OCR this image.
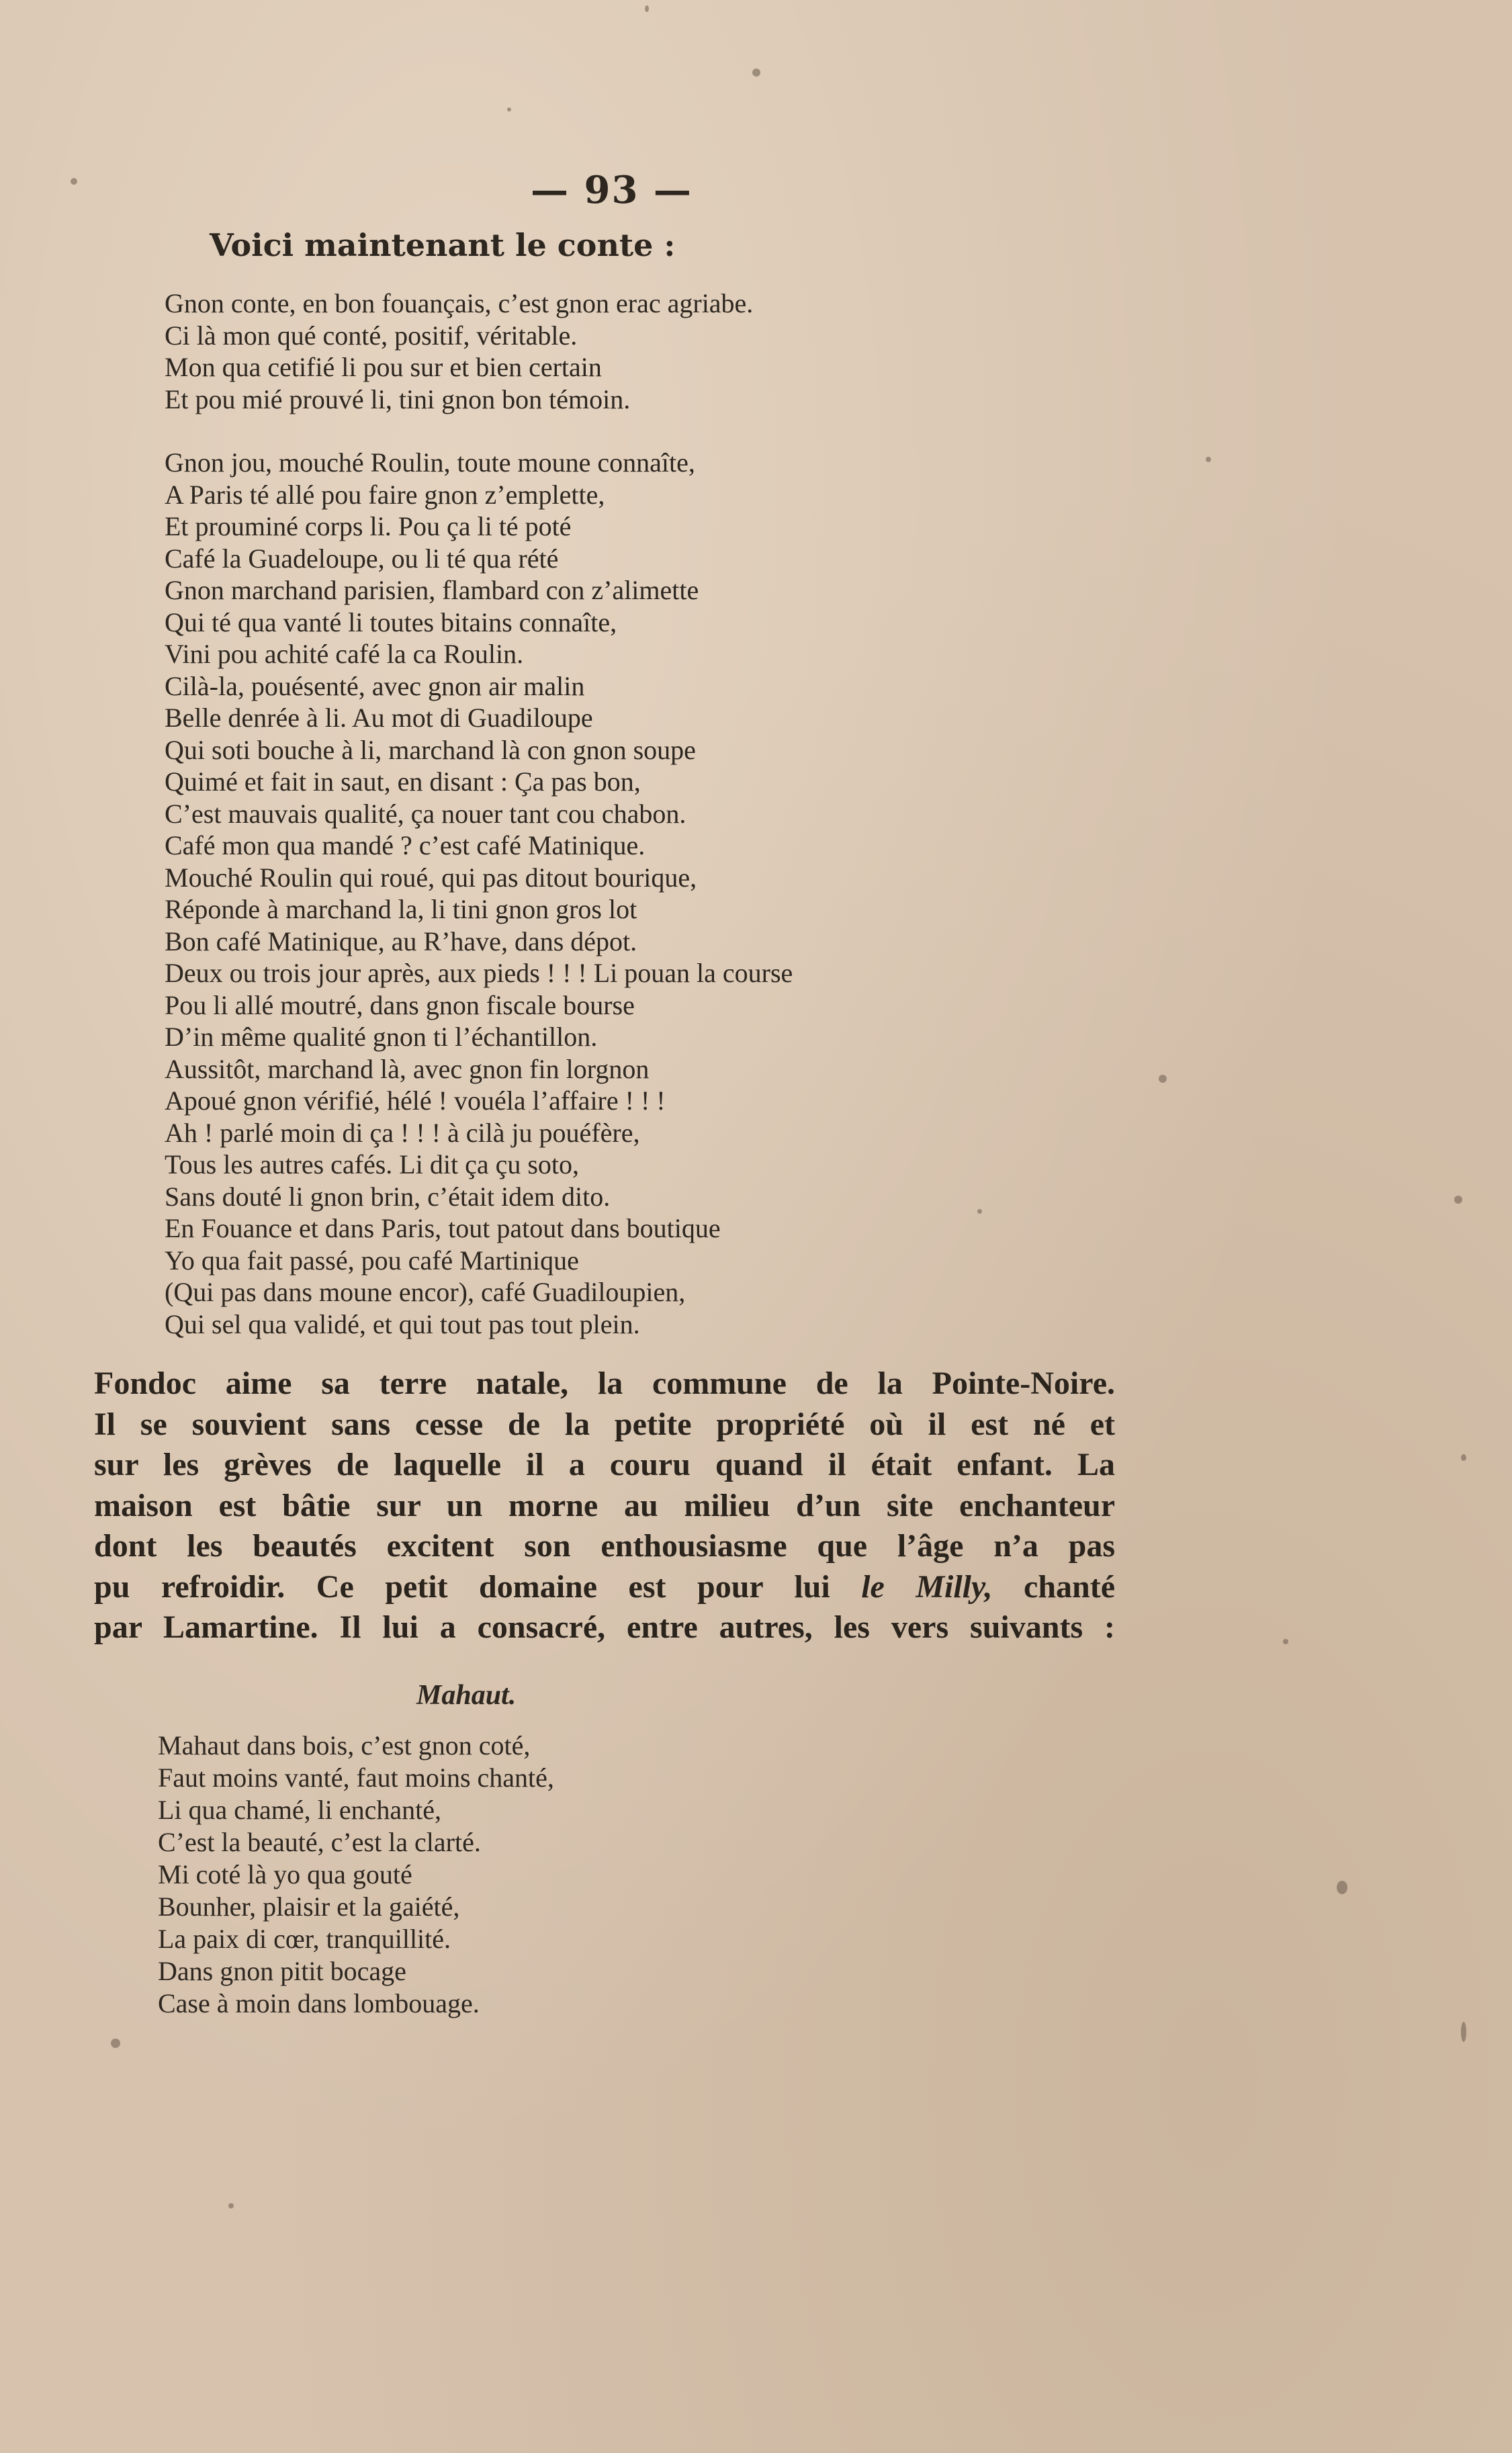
— 93 —
Voici maintenant le conte :
Gnon conte, en bon fouançais, c’est gnon erac agriabe.
Ci là mon qué conté, positif, véritable.
Mon qua cetifié li pou sur et bien certain
Et pou mié prouvé li, tini gnon bon témoin.
Gnon jou, mouché Roulin, toute moune connaîte,
A Paris té allé pou faire gnon z’emplette,
Et prouminé corps li. Pou ça li té poté
Café la Guadeloupe, ou li té qua rété
Gnon marchand parisien, flambard con z’alimette
Qui té qua vanté li toutes bitains connaîte,
Vini pou achité café la ca Roulin.
Cilà-la, pouésenté, avec gnon air malin
Belle denrée à li. Au mot di Guadiloupe
Qui soti bouche à li, marchand là con gnon soupe
Quimé et fait in saut, en disant : Ça pas bon,
C’est mauvais qualité, ça nouer tant cou chabon.
Café mon qua mandé ? c’est café Matinique.
Mouché Roulin qui roué, qui pas ditout bourique,
Réponde à marchand la, li tini gnon gros lot
Bon café Matinique, au R’have, dans dépot.
Deux ou trois jour après, aux pieds ! ! ! Li pouan la course
Pou li allé moutré, dans gnon fiscale bourse
D’in même qualité gnon ti l’échantillon.
Aussitôt, marchand là, avec gnon fin lorgnon
Apoué gnon vérifié, hélé ! vouéla l’affaire ! ! !
Ah ! parlé moin di ça ! ! ! à cilà ju pouéfère,
Tous les autres cafés. Li dit ça çu soto,
Sans douté li gnon brin, c’était idem dito.
En Fouance et dans Paris, tout patout dans boutique
Yo qua fait passé, pou café Martinique
(Qui pas dans moune encor), café Guadiloupien,
Qui sel qua validé, et qui tout pas tout plein.
Fondoc aime sa terre natale, la commune de la Pointe-Noire.
Il se souvient sans cesse de la petite propriété où il est né et
sur les grèves de laquelle il a couru quand il était enfant. La
maison est bâtie sur un morne au milieu d’un site enchanteur
dont les beautés excitent son enthousiasme que l’âge n’a pas
pu refroidir. Ce petit domaine est pour lui le Milly, chanté
par Lamartine. Il lui a consacré, entre autres, les vers suivants :
Mahaut.
Mahaut dans bois, c’est gnon coté,
Faut moins vanté, faut moins chanté,
Li qua chamé, li enchanté,
C’est la beauté, c’est la clarté.
Mi coté là yo qua gouté
Bounher, plaisir et la gaiété,
La paix di cœr, tranquillité.
Dans gnon pitit bocage
Case à moin dans lombouage.
